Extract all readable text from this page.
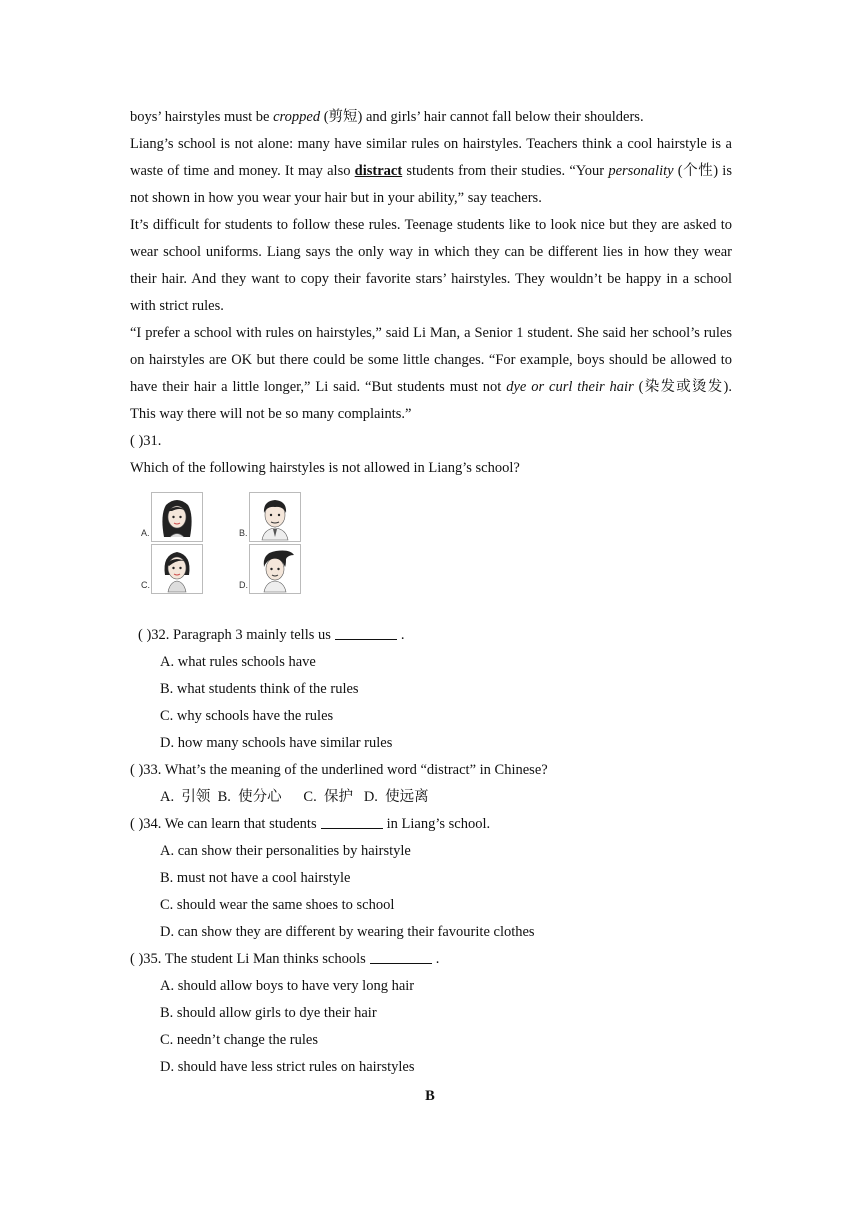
boys’ hairstyles must be cropped (剪短) and girls’ hair cannot fall below their shoulders.

Liang’s school is not alone: many have similar rules on hairstyles. Teachers think a cool hairstyle is a waste of time and money. It may also distract students from their studies. “Your personality (个性) is not shown in how you wear your hair but in your ability,” say teachers.

It’s difficult for students to follow these rules. Teenage students like to look nice but they are asked to wear school uniforms. Liang says the only way in which they can be different lies in how they wear their hair. And they want to copy their favorite stars’ hairstyles. They wouldn’t be happy in a school with strict rules.

“I prefer a school with rules on hairstyles,” said Li Man, a Senior 1 student. She said her school’s rules on hairstyles are OK but there could be some little changes. “For example, boys should be allowed to have their hair a little longer,” Li said. “But students must not dye or curl their hair (染发或烫发). This way there will not be so many complaints.”

( )31.

Which of the following hairstyles is not allowed in Liang’s school?

A.	B.
C.	D.

( )32. Paragraph 3 mainly tells us	.

A. what rules schools have

B. what students think of the rules

C. why schools have the rules

D. how many schools have similar rules

( )33. What’s the meaning of the underlined word “distract” in Chinese?

A.  引领  B.  使分心      C.  保护   D.  使远离

( )34. We can learn that students	in Liang’s school.

A. can show their personalities by hairstyle

B. must not have a cool hairstyle

C. should wear the same shoes to school

D. can show they are different by wearing their favourite clothes

( )35. The student Li Man thinks schools	.

A. should allow boys to have very long hair

B. should allow girls to dye their hair

C. needn’t change the rules

D. should have less strict rules on hairstyles

B
